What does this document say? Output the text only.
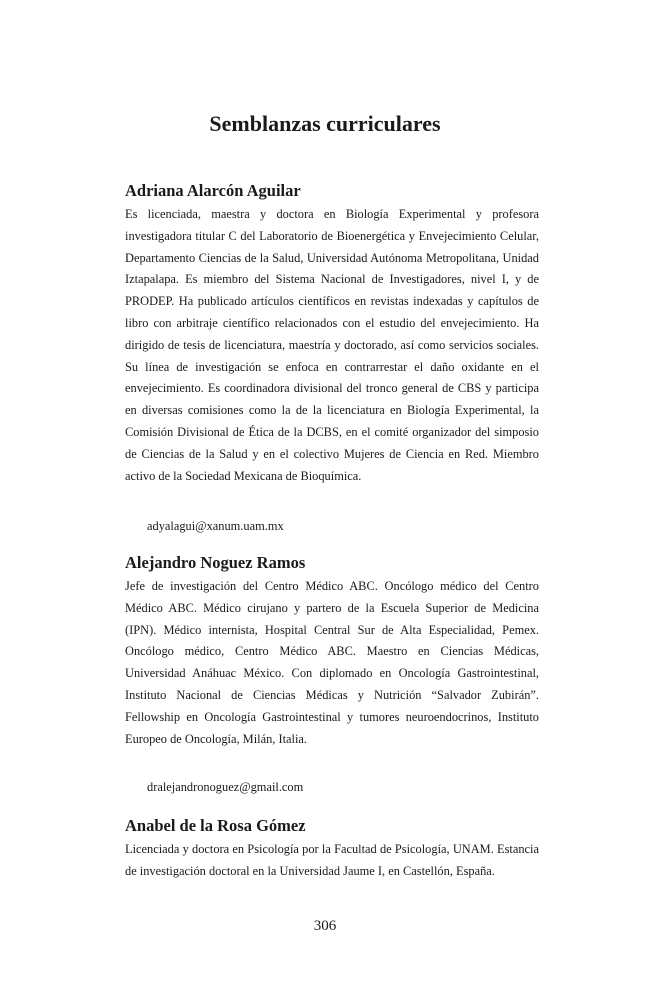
Semblanzas curriculares
Adriana Alarcón Aguilar

Es licenciada, maestra y doctora en Biología Experimental y profesora investigadora titular C del Laboratorio de Bioenergética y Envejecimiento Celular, Departamento Ciencias de la Salud, Universidad Autónoma Metropolitana, Unidad Iztapalapa. Es miembro del Sistema Nacional de Investigadores, nivel I, y de PRODEP. Ha publicado artículos científicos en revistas indexadas y capítulos de libro con arbitraje científico relacionados con el estudio del envejecimiento. Ha dirigido de tesis de licenciatura, maestría y doctorado, así como servicios sociales. Su línea de investigación se enfoca en contrarrestar el daño oxidante en el envejecimiento. Es coordinadora divisional del tronco general de CBS y participa en diversas comisiones como la de la licenciatura en Biología Experimental, la Comisión Divisional de Ética de la DCBS, en el comité organizador del simposio de Ciencias de la Salud y en el colectivo Mujeres de Ciencia en Red. Miembro activo de la Sociedad Mexicana de Bioquímica.

adyalagui@xanum.uam.mx

Alejandro Noguez Ramos

Jefe de investigación del Centro Médico ABC. Oncólogo médico del Centro Médico ABC. Médico cirujano y partero de la Escuela Superior de Medicina (IPN). Médico internista, Hospital Central Sur de Alta Especialidad, Pemex. Oncólogo médico, Centro Médico ABC. Maestro en Ciencias Médicas, Universidad Anáhuac México. Con diplomado en Oncología Gastrointestinal, Instituto Nacional de Ciencias Médicas y Nutrición “Salvador Zubirán”. Fellowship en Oncología Gastrointestinal y tumores neuroendocrinos, Instituto Europeo de Oncología, Milán, Italia.

dralejandronoguez@gmail.com

Anabel de la Rosa Gómez

Licenciada y doctora en Psicología por la Facultad de Psicología, UNAM. Estancia de investigación doctoral en la Universidad Jaume I, en Castellón, España.

306
